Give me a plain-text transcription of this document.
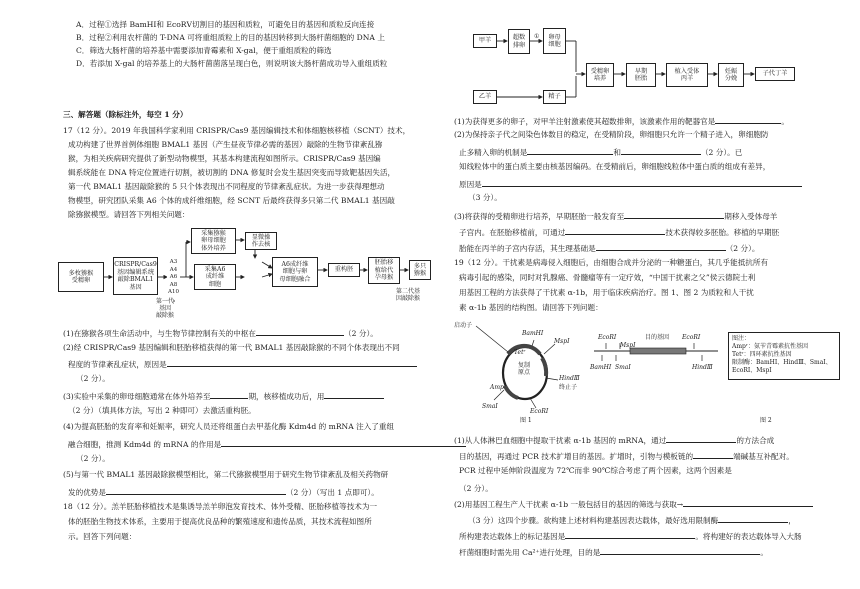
A．过程①选择 BamHⅠ和 EcoRⅤ切割目的基因和质粒，可避免目的基因和质粒反向连接
B．过程②利用农杆菌的 T-DNA 可将重组质粒上的目的基因转移到大肠杆菌细胞的 DNA 上
C．筛选大肠杆菌的培养基中需要添加青霉素和 X-gal，便于重组质粒的筛选
D．若添加 X-gal 的培养基上的大肠杆菌菌落呈现白色，则说明该大肠杆菌成功导入重组质粒
三、解答题（除标注外，每空 1 分）
17（12 分）。2019 年我国科学家利用 CRISPR/Cas9 基因编辑技术和体细胞核移植（SCNT）技术，
成功构建了世界首例体细胞 BMAL1 基因（产生昼夜节律必需的基因）敲除的生物节律紊乱猕
猴，为相关疾病研究提供了新型动物模型，其基本构建流程如图所示。CRISPR/Cas9 基因编
辑系统能在 DNA 特定位置进行切割，被切割的 DNA 修复时会发生基因突变而导致靶基因失活，
第一代 BMAL1 基因敲除猴的 5 只个体表现出不同程度的节律紊乱症状。为进一步获得理想动
物模型，研究团队采集 A6 个体的成纤维细胞，经 SCNT 后最终获得多只第二代 BMAL1 基因敲
除猕猴模型。请回答下列相关问题：
多枚猕猴
受精卵
CRISPR/Cas9
基因编辑系统
敲除BMAL1
基因
A3
A4
A6
A8
A10
采集猕猴
卵母细胞
体外培养
显微操
作去核
A6成纤维
细胞与卵
母细胞融合
采集A6
成纤维
细胞
重构胚
胚胎移
植给代
孕母猴
多只
猕猴
第一代
基因
敲除猴
第二代基
因敲除猴
(1)在猕猴各项生命活动中，与生物节律控制有关的中枢在	（2 分）。
(2)经 CRISPR/Cas9 基因编辑和胚胎移植获得的第一代 BMAL1 基因敲除猴的不同个体表现出不同
程度的节律紊乱症状，原因是
（2 分）。
(3)实验中采集的卵母细胞通常在体外培养至	期，核移植成功后，用
（2 分）（填具体方法，写出 2 种即可）去激活重构胚。
(4)为提高胚胎的发育率和妊娠率，研究人员还将组蛋白去甲基化酶 Kdm4d 的 mRNA 注入了重组
融合细胞，推测 Kdm4d 的 mRNA 的作用是
（2 分）。
(5)与第一代 BMAL1 基因敲除猴模型相比，第二代猕猴模型用于研究生物节律紊乱及相关药物研
发的优势是	（2 分）（写出 1 点即可）。
18（12 分）。羔羊胚胎移植技术是集诱导羔羊卵泡发育技术、体外受精、胚胎移植等技术为一
体的胚胎生物技术体系，主要用于提高优良品种的繁殖速度和遗传品质，其技术流程如图所
示。回答下列问题：
甲羊	超数
排卵
卵母
细胞
乙羊	精子
受精卵
培养
早期
胚胎
植入受体
丙羊
妊娠
分娩
子代丁羊
(1)为获得更多的卵子，对甲羊注射激素使其超数排卵，该激素作用的靶器官是	。
(2)为保持亲子代之间染色体数目的稳定，在受精阶段，卵细胞只允许一个精子进入，卵细胞防
止多精入卵的机制是	和	（2 分）。已
知线粒体中的蛋白质主要由核基因编码。在受精前后，卵细胞线粒体中蛋白质的组成有差异，
原因是
（3 分）。
(3)将获得的受精卵进行培养，早期胚胎一般发育至	期移入受体母羊
子宫内。在胚胎移植前，可通过	技术获得较多胚胎。移植的早期胚
胎能在丙羊的子宫内存活，其生理基础是	（2 分）。
19（12 分）。干扰素是病毒侵入细胞后，由细胞合成并分泌的一种糖蛋白，其几乎能抵抗所有
病毒引起的感染，同时对乳腺癌、骨髓瘤等有一定疗效，“中国干扰素之父”侯云德院士利
用基因工程的方法获得了干扰素 α-1b，用于临床疾病治疗。图 1、图 2 为质粒和人干扰
素 α-1b 基因的结构图。请回答下列问题：
启动子
BamHⅠ
MspⅠ
Tetʳ
复制
原点
HindⅢ
终止子
Ampʳ
SmaⅠ
EcoRⅠ
图 1
EcoRⅠ	目的基因 EcoRⅠ
MspⅠ
BamHⅠ SmaⅠ	HindⅢ
图 2
图注：
Ampʳ：氨苄青霉素抗性基因
Tetʳ：四环素抗性基因
限制酶：BamHⅠ、HindⅢ、SmaⅠ、
EcoRⅠ、MspⅠ
(1)从人体淋巴血细胞中提取干扰素 α-1b 基因的 mRNA，通过	的方法合成
目的基因，再通过 PCR 技术扩增目的基因。扩增时，引物与模板链的	端碱基互补配对。
PCR 过程中延伸阶段温度为 72℃而非 90℃综合考虑了两个因素，这两个因素是
（2 分）。
(2)用基因工程生产人干扰素 α-1b 一般包括目的基因的筛选与获取→
（3 分）这四个步骤。欲构建上述材料构建基因表达载体，最好选用限制酶	，
所构建表达载体上的标记基因是	。将构建好的表达载体导入大肠
杆菌细胞时需先用 Ca²⁺进行处理，目的是	。
①
